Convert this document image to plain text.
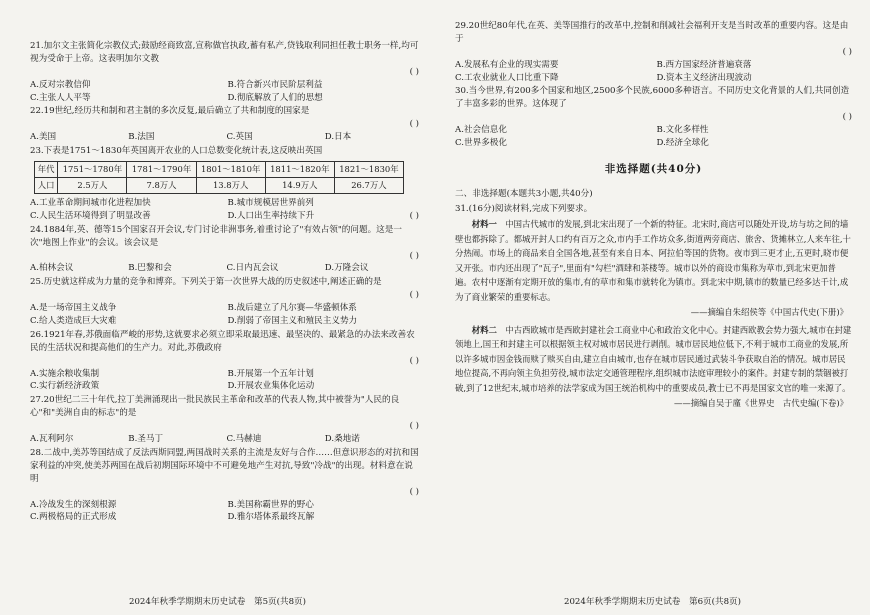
21.加尔文主张简化宗教仪式;鼓励经商致富,宣称做官执政,蓄有私产,贷钱取利同担任教士职务一样,均可视为受命于上帝。这表明加尔文教
( )
A.反对宗教信仰	B.符合新兴市民阶层利益
C.主张人人平等	D.彻底解放了人们的思想
22.19世纪,经历共和制和君主制的多次反复,最后确立了共和制度的国家是
( )
A.美国	B.法国	C.英国	D.日本
23.下表是1751～1830年英国离开农业的人口总数变化统计表,这反映出英国
年代	1751～1780年	1781～1790年	1801～1810年	1811～1820年	1821～1830年
人口	2.5万人	7.8万人	13.8万人	14.9万人	26.7万人
A.工业革命期间城市化进程加快	B.城市规模居世界前列
C.人民生活环境得到了明显改善	D.人口出生率持续下升	( )
24.1884年,英、德等15个国家召开会议,专门讨论非洲事务,着重讨论了"有效占领"的问题。这是一次"地图上作业"的会议。该会议是
( )
A.柏林会议	B.巴黎和会	C.日内瓦会议	D.万隆会议
25.历史就这样成为力量的竞争和博弈。下列关于第一次世界大战的历史叙述中,阐述正确的是
( )
A.是一场帝国主义战争	B.战后建立了凡尔赛—华盛顿体系
C.给人类造成巨大灾难	D.削弱了帝国主义和殖民主义势力
26.1921年春,苏俄面临严峻的形势,这就要求必须立即采取最迅速、最坚决的、最紧急的办法来改善农民的生活状况和提高他们的生产力。对此,苏俄政府
( )
A.实施余粮收集制	B.开展第一个五年计划
C.实行新经济政策	D.开展农业集体化运动
27.20世纪二三十年代,拉丁美洲涌现出一批民族民主革命和改革的代表人物,其中被誉为"人民的良心"和"美洲自由的标志"的是
( )
A.瓦利阿尔	B.圣马丁	C.马赫迪	D.桑地诺
28.二战中,美苏等国结成了反法西斯同盟,两国战时关系的主流是友好与合作……但意识形态的对抗和国家利益的冲突,使美苏两国在战后初期国际环境中不可避免地产生对抗,导致"冷战"的出现。材料意在说明
( )
A.冷战发生的深刻根源	B.美国称霸世界的野心
C.两极格局的正式形成	D.雅尔塔体系最终瓦解
2024年秋季学期期末历史试卷　第5页(共8页)
29.20世纪80年代,在英、美等国推行的改革中,控制和削减社会福利开支是当时改革的重要内容。这是由于
( )
A.发展私有企业的现实需要	B.西方国家经济普遍衰落
C.工农业就业人口比重下降	D.资本主义经济出现波动
30.当今世界,有200多个国家和地区,2500多个民族,6000多种语言。不同历史文化背景的人们,共同创造了丰富多彩的世界。这体现了
( )
A.社会信息化	B.文化多样性
C.世界多极化	D.经济全球化
非选择题(共40分)
二、非选择题(本题共3小题,共40分)
31.(16分)阅读材料,完成下列要求。

　　材料一　 中国古代城市的发展,到北宋出现了一个新的特征。北宋时,商店可以随处开设,坊与坊之间的墙壁也都拆除了。都城开封人口约有百万之众,市内手工作坊众多,街道两旁商店、旅舍、货摊林立,人来车往,十分热闹。市场上的商品来自全国各地,甚至有来自日本、阿拉伯等国的货物。夜市到三更才止,五更时,晓市便又开张。市内还出现了"瓦子",里面有"勾栏"酒肆和茶楼等。城市以外的商设市集称为草市,到北宋更加普遍。农村中逐渐有定期开放的集市,有的草市和集市就转化为镇市。到北宋中期,镇市的数量已经多达千计,成为了商业繁荣的重要标志。

——摘编自朱绍侯等《中国古代史(下册)》

　　材料二　 中古西欧城市是西欧封建社会工商业中心和政治文化中心。封建西欧教会势力强大,城市在封建领地上,国王和封建主可以根据领主权对城市居民进行剥削。城市居民地位低下,不利于城市工商业的发展,所以许多城市因金钱而赎了赎买自由,建立自由城市,也存在城市居民通过武装斗争获取自治的情况。城市居民地位提高,不再向领主负担劳役,城市法定交通管理程序,组织城市法庭审理较小的案件。封建专制的禁锢被打破,到了12世纪末,城市培养的法学家成为国王统治机构中的重要成员,教士已不再是国家文官的唯一来源了。

——摘编自吴于廑《世界史　古代史编(下卷)》
2024年秋季学期期末历史试卷　第6页(共8页)
